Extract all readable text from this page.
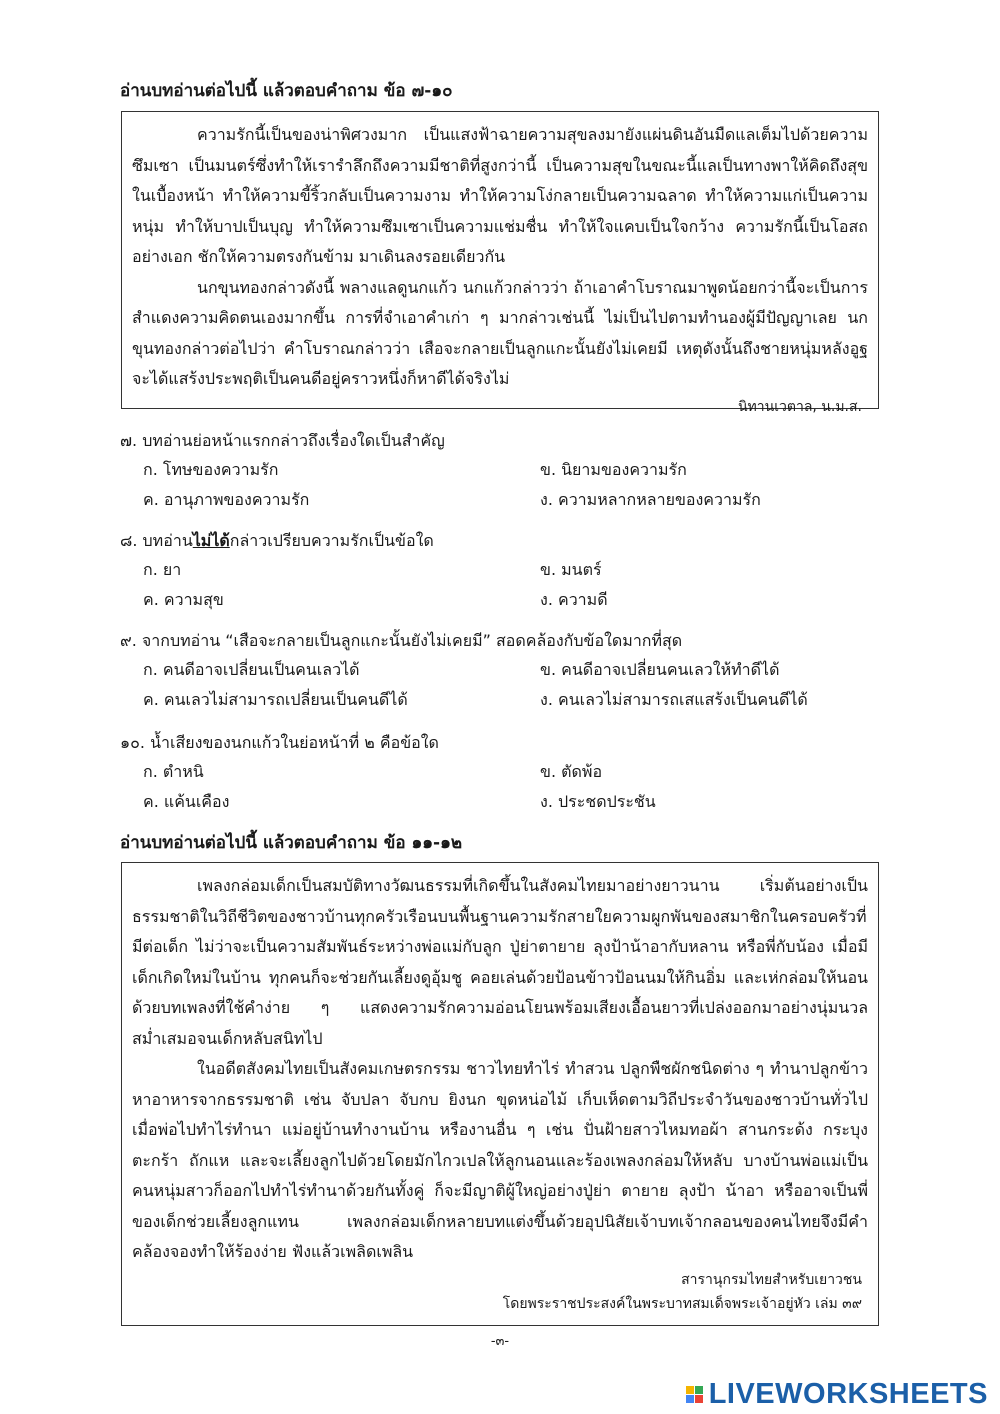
อ่านบทอ่านต่อไปนี้ แล้วตอบคำถาม ข้อ ๗-๑๐

ความรักนี้เป็นของน่าพิศวงมาก เป็นแสงฟ้าฉายความสุขลงมายังแผ่นดินอันมืดแลเต็มไปด้วยความซึมเซา เป็นมนตร์ซึ่งทำให้เรารำลึกถึงความมีชาติที่สูงกว่านี้ เป็นความสุขในขณะนี้แลเป็นทางพาให้คิดถึงสุขในเบื้องหน้า ทำให้ความขี้ริ้วกลับเป็นความงาม ทำให้ความโง่กลายเป็นความฉลาด ทำให้ความแก่เป็นความหนุ่ม ทำให้บาปเป็นบุญ ทำให้ความซึมเซาเป็นความแช่มชื่น ทำให้ใจแคบเป็นใจกว้าง ความรักนี้เป็นโอสถอย่างเอก ชักให้ความตรงกันข้าม มาเดินลงรอยเดียวกัน

นกขุนทองกล่าวดังนี้ พลางแลดูนกแก้ว นกแก้วกล่าวว่า ถ้าเอาคำโบราณมาพูดน้อยกว่านี้จะเป็นการสำแดงความคิดตนเองมากขึ้น การที่จำเอาคำเก่า ๆ มากล่าวเช่นนี้ ไม่เป็นไปตามทำนองผู้มีปัญญาเลย นกขุนทองกล่าวต่อไปว่า คำโบราณกล่าวว่า เสือจะกลายเป็นลูกแกะนั้นยังไม่เคยมี เหตุดังนั้นถึงชายหนุ่มหลังอูฐจะได้แสร้งประพฤติเป็นคนดีอยู่คราวหนึ่งก็หาดีได้จริงไม่

นิทานเวตาล, น.ม.ส.
๗. บทอ่านย่อหน้าแรกกล่าวถึงเรื่องใดเป็นสำคัญ
ก. โทษของความรัก	ข. นิยามของความรัก
ค. อานุภาพของความรัก	ง. ความหลากหลายของความรัก
๘. บทอ่านไม่ได้กล่าวเปรียบความรักเป็นข้อใด
ก. ยา	ข. มนตร์
ค. ความสุข	ง. ความดี
๙. จากบทอ่าน “เสือจะกลายเป็นลูกแกะนั้นยังไม่เคยมี” สอดคล้องกับข้อใดมากที่สุด
ก. คนดีอาจเปลี่ยนเป็นคนเลวได้	ข. คนดีอาจเปลี่ยนคนเลวให้ทำดีได้
ค. คนเลวไม่สามารถเปลี่ยนเป็นคนดีได้	ง. คนเลวไม่สามารถเสแสร้งเป็นคนดีได้
๑๐. น้ำเสียงของนกแก้วในย่อหน้าที่ ๒ คือข้อใด
ก. ตำหนิ	ข. ตัดพ้อ
ค. แค้นเคือง	ง. ประชดประชัน
อ่านบทอ่านต่อไปนี้ แล้วตอบคำถาม ข้อ ๑๑-๑๒

เพลงกล่อมเด็กเป็นสมบัติทางวัฒนธรรมที่เกิดขึ้นในสังคมไทยมาอย่างยาวนาน เริ่มต้นอย่างเป็นธรรมชาติในวิถีชีวิตของชาวบ้านทุกครัวเรือนบนพื้นฐานความรักสายใยความผูกพันของสมาชิกในครอบครัวที่มีต่อเด็ก ไม่ว่าจะเป็นความสัมพันธ์ระหว่างพ่อแม่กับลูก ปู่ย่าตายาย ลุงป้าน้าอากับหลาน หรือพี่กับน้อง เมื่อมีเด็กเกิดใหม่ในบ้าน ทุกคนก็จะช่วยกันเลี้ยงดูอุ้มชู คอยเล่นด้วยป้อนข้าวป้อนนมให้กินอิ่ม และเห่กล่อมให้นอนด้วยบทเพลงที่ใช้คำง่าย ๆ แสดงความรักความอ่อนโยนพร้อมเสียงเอื้อนยาวที่เปล่งออกมาอย่างนุ่มนวลสม่ำเสมอจนเด็กหลับสนิทไป

ในอดีตสังคมไทยเป็นสังคมเกษตรกรรม ชาวไทยทำไร่ ทำสวน ปลูกพืชผักชนิดต่าง ๆ ทำนาปลูกข้าว หาอาหารจากธรรมชาติ เช่น จับปลา จับกบ ยิงนก ขุดหน่อไม้ เก็บเห็ดตามวิถีประจำวันของชาวบ้านทั่วไป เมื่อพ่อไปทำไร่ทำนา แม่อยู่บ้านทำงานบ้าน หรืองานอื่น ๆ เช่น ปั่นฝ้ายสาวไหมทอผ้า สานกระด้ง กระบุง ตะกร้า ถักแห และจะเลี้ยงลูกไปด้วยโดยมักไกวเปลให้ลูกนอนและร้องเพลงกล่อมให้หลับ บางบ้านพ่อแม่เป็นคนหนุ่มสาวก็ออกไปทำไร่ทำนาด้วยกันทั้งคู่ ก็จะมีญาติผู้ใหญ่อย่างปู่ย่า ตายาย ลุงป้า น้าอา หรืออาจเป็นพี่ของเด็กช่วยเลี้ยงลูกแทน เพลงกล่อมเด็กหลายบทแต่งขึ้นด้วยอุปนิสัยเจ้าบทเจ้ากลอนของคนไทยจึงมีคำคล้องจองทำให้ร้องง่าย ฟังแล้วเพลิดเพลิน

สารานุกรมไทยสำหรับเยาวชน
โดยพระราชประสงค์ในพระบาทสมเด็จพระเจ้าอยู่หัว เล่ม ๓๙
-๓-
LIVEWORKSHEETS
